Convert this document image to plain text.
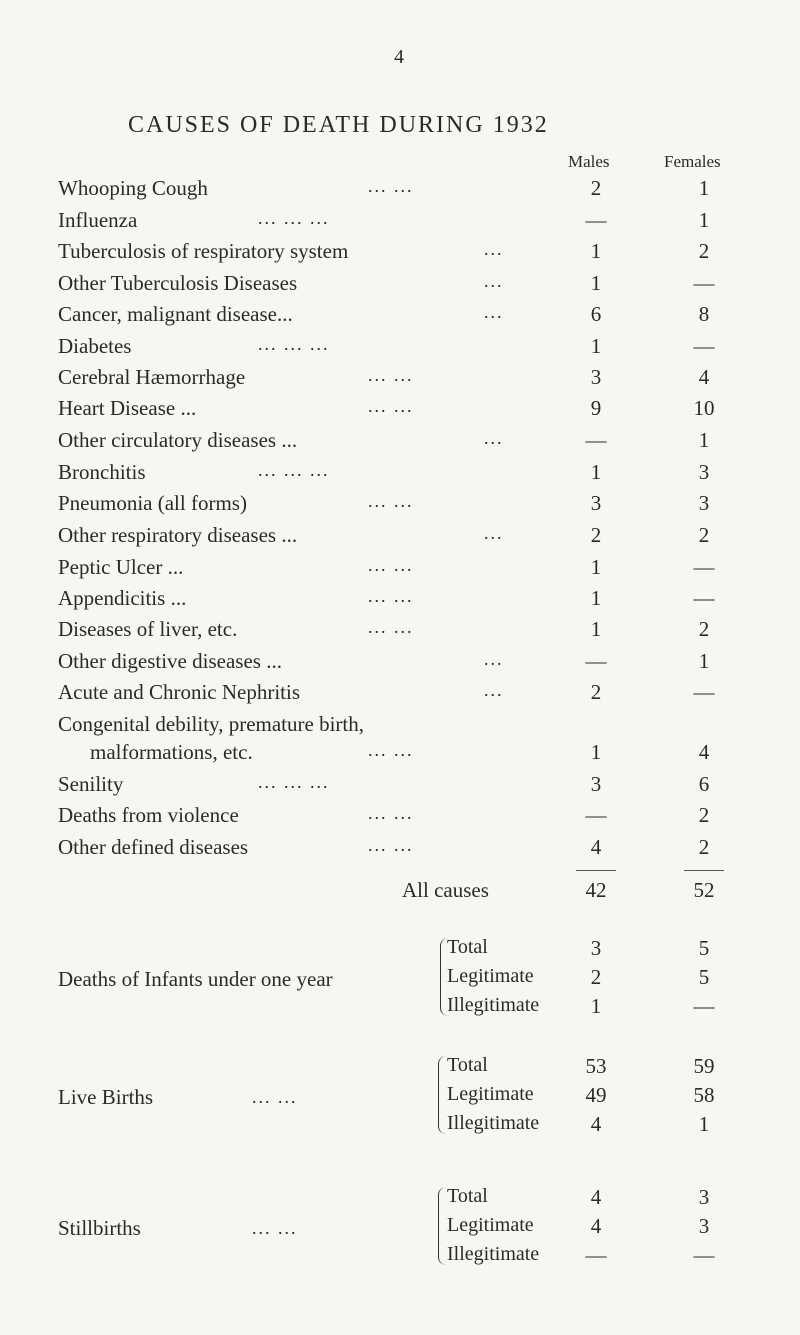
4
CAUSES OF DEATH DURING 1932
Males	Females
Whooping Cough	... ...	2	1
Influenza	... ... ...	—	1
Tuberculosis of respiratory system	...	1	2
Other Tuberculosis Diseases	...	1	—
Cancer, malignant disease...	...	6	8
Diabetes	... ... ...	1	—
Cerebral Hæmorrhage	... ...	3	4
Heart Disease ...	... ...	9	10
Other circulatory diseases ...	...	—	1
Bronchitis	... ... ...	1	3
Pneumonia (all forms)	... ...	3	3
Other respiratory diseases ...	...	2	2
Peptic Ulcer ...	... ...	1	—
Appendicitis ...	... ...	1	—
Diseases of liver, etc.	... ...	1	2
Other digestive diseases ...	...	—	1
Acute and Chronic Nephritis	...	2	—
Congenital debility, premature birth,
malformations, etc.	... ...	1	4
Senility	... ... ...	3	6
Deaths from violence	... ...	—	2
Other defined diseases	... ...	4	2
All causes	42	52
Deaths of Infants under one year
Total	3	5
Legitimate	2	5
Illegitimate	1	—
Live Births	... ...
Total	53	59
Legitimate	49	58
Illegitimate	4	1
Stillbirths	... ...
Total	4	3
Legitimate	4	3
Illegitimate	—	—
